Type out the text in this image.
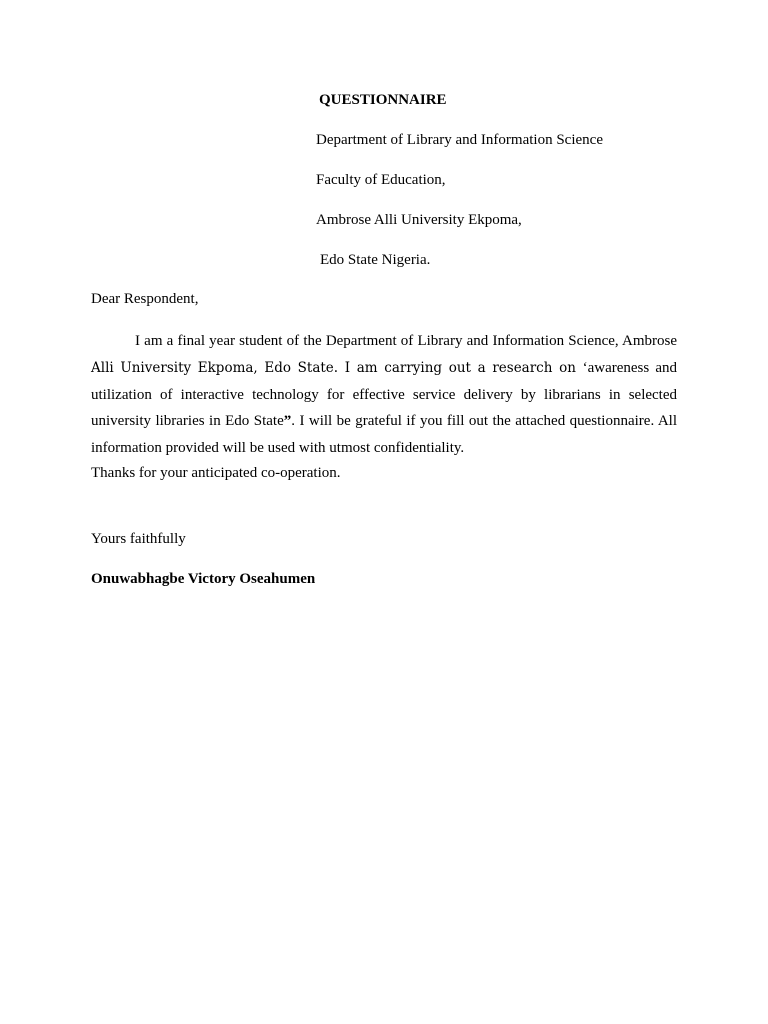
QUESTIONNAIRE

Department of Library and Information Science

Faculty of Education,

Ambrose Alli University Ekpoma,

Edo State Nigeria.

Dear Respondent,

I am a final year student of the Department of Library and Information Science, Ambrose Alli University Ekpoma, Edo State. I am carrying out a research on ‘awareness and utilization of interactive technology for effective service delivery by librarians in selected university libraries in Edo State”. I will be grateful if you fill out the attached questionnaire. All information provided will be used with utmost confidentiality.

Thanks for your anticipated co-operation.

Yours faithfully

Onuwabhagbe Victory Oseahumen
